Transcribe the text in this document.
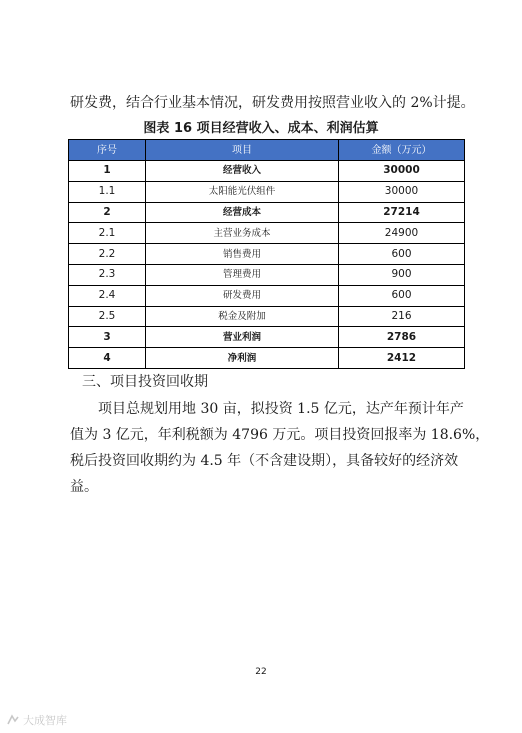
研发费，结合行业基本情况，研发费用按照营业收入的 2%计提。
图表 16 项目经营收入、成本、利润估算
序号	项目	金额（万元）
1	经营收入	30000
1.1	太阳能光伏组件	30000
2	经营成本	27214
2.1	主营业务成本	24900
2.2	销售费用	600
2.3	管理费用	900
2.4	研发费用	600
2.5	税金及附加	216
3	营业利润	2786
4	净利润	2412
三、项目投资回收期
项目总规划用地 30 亩，拟投资 1.5 亿元，达产年预计年产
值为 3 亿元，年利税额为 4796 万元。项目投资回报率为 18.6%，
税后投资回收期约为 4.5 年（不含建设期），具备较好的经济效
益。
22
大成智库
